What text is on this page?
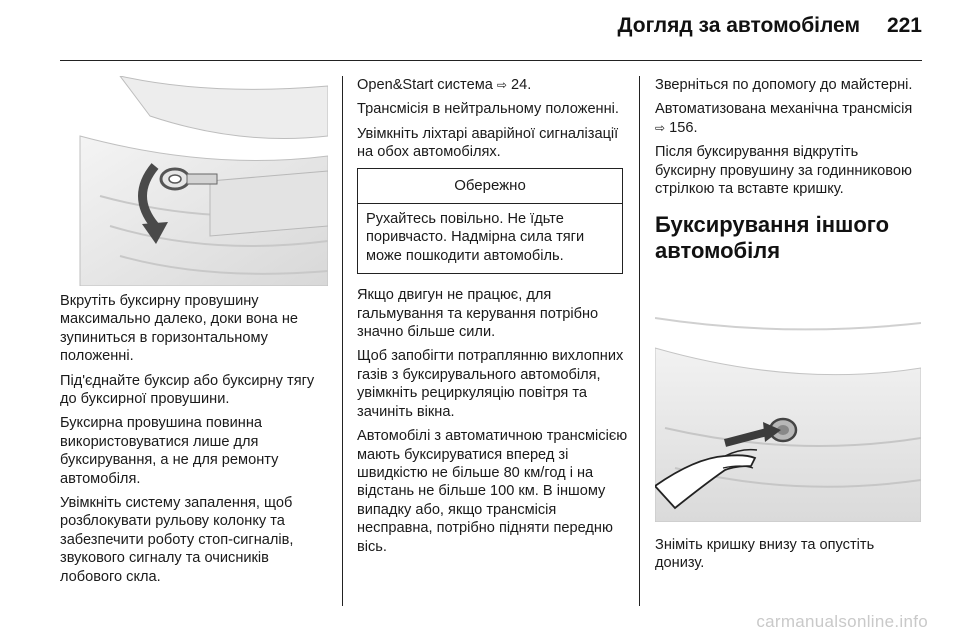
Догляд за автомобілем	221

Вкрутіть буксирну провушину максимально далеко, доки вона не зупиниться в горизонтальному положенні.

Під'єднайте буксир або буксирну тягу до буксирної провушини.

Буксирна провушина повинна використовуватися лише для буксирування, а не для ремонту автомобіля.

Увімкніть систему запалення, щоб розблокувати рульову колонку та забезпечити роботу стоп-сигналів, звукового сигналу та очисників лобового скла.

Open&Start система ⇨ 24.

Трансмісія в нейтральному положенні.

Увімкніть ліхтарі аварійної сигналізації на обох автомобілях.

Обережно
Рухайтесь повільно. Не їдьте поривчасто. Надмірна сила тяги може пошкодити автомобіль.

Якщо двигун не працює, для гальмування та керування потрібно значно більше сили.

Щоб запобігти потраплянню вихлопних газів з буксирувального автомобіля, увімкніть рециркуляцію повітря та зачиніть вікна.

Автомобілі з автоматичною трансмісією мають буксируватися вперед зі швидкістю не більше 80 км/год і на відстань не більше 100 км. В іншому випадку або, якщо трансмісія несправна, потрібно підняти передню вісь.

Зверніться по допомогу до майстерні.

Автоматизована механічна трансмісія ⇨ 156.

Після буксирування відкрутіть буксирну провушину за годинниковою стрілкою та вставте кришку.

Буксирування іншого автомобіля
Зніміть кришку внизу та опустіть донизу.
carmanualsonline.info
